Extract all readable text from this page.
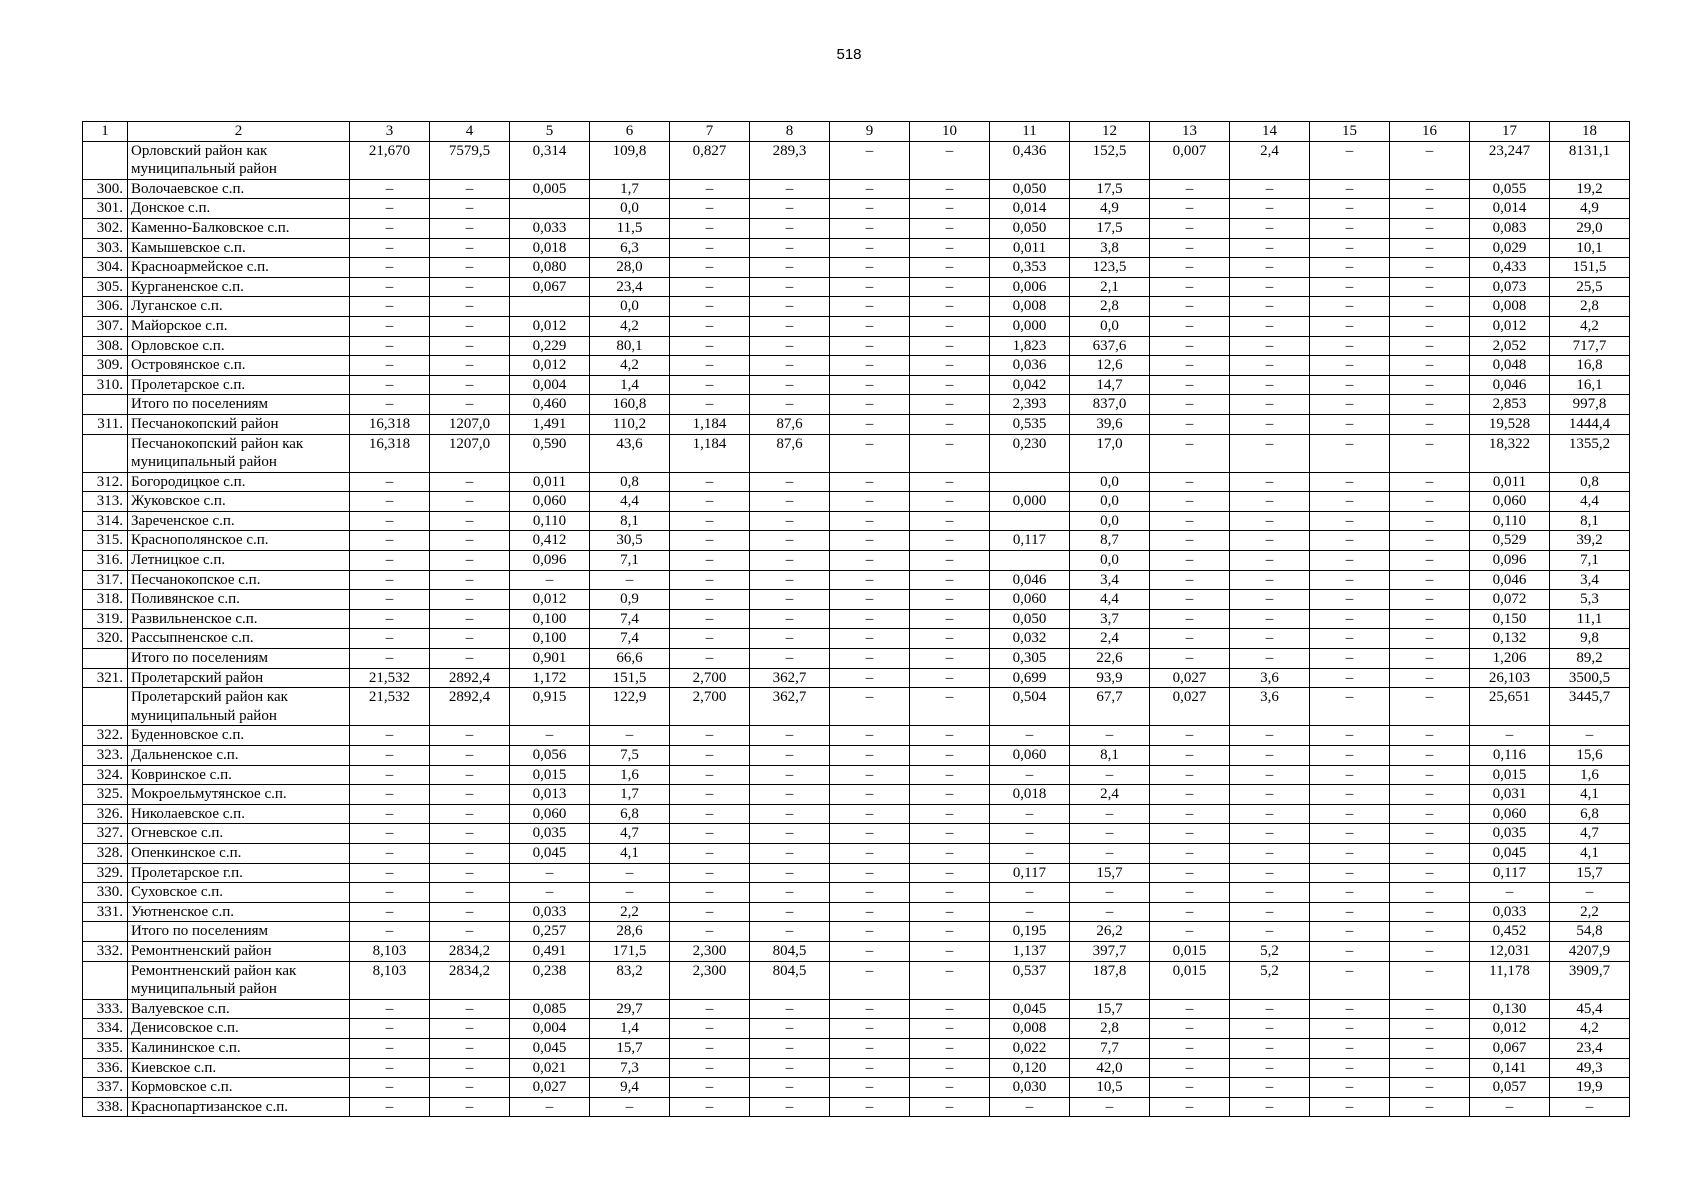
518
1	2	3	4	5	6	7	8	9	10	11	12	13	14	15	16	17	18
	Орловский район как муниципальный район	21,670	7579,5	0,314	109,8	0,827	289,3	–	–	0,436	152,5	0,007	2,4	–	–	23,247	8131,1
300.	Волочаевское с.п.	–	–	0,005	1,7	–	–	–	–	0,050	17,5	–	–	–	–	0,055	19,2
301.	Донское с.п.	–	–		0,0	–	–	–	–	0,014	4,9	–	–	–	–	0,014	4,9
302.	Каменно-Балковское с.п.	–	–	0,033	11,5	–	–	–	–	0,050	17,5	–	–	–	–	0,083	29,0
303.	Камышевское с.п.	–	–	0,018	6,3	–	–	–	–	0,011	3,8	–	–	–	–	0,029	10,1
304.	Красноармейское с.п.	–	–	0,080	28,0	–	–	–	–	0,353	123,5	–	–	–	–	0,433	151,5
305.	Курганенское с.п.	–	–	0,067	23,4	–	–	–	–	0,006	2,1	–	–	–	–	0,073	25,5
306.	Луганское с.п.	–	–		0,0	–	–	–	–	0,008	2,8	–	–	–	–	0,008	2,8
307.	Майорское с.п.	–	–	0,012	4,2	–	–	–	–	0,000	0,0	–	–	–	–	0,012	4,2
308.	Орловское с.п.	–	–	0,229	80,1	–	–	–	–	1,823	637,6	–	–	–	–	2,052	717,7
309.	Островянское с.п.	–	–	0,012	4,2	–	–	–	–	0,036	12,6	–	–	–	–	0,048	16,8
310.	Пролетарское с.п.	–	–	0,004	1,4	–	–	–	–	0,042	14,7	–	–	–	–	0,046	16,1
	Итого по поселениям	–	–	0,460	160,8	–	–	–	–	2,393	837,0	–	–	–	–	2,853	997,8
311.	Песчанокопский район	16,318	1207,0	1,491	110,2	1,184	87,6	–	–	0,535	39,6	–	–	–	–	19,528	1444,4
	Песчанокопский район как муниципальный район	16,318	1207,0	0,590	43,6	1,184	87,6	–	–	0,230	17,0	–	–	–	–	18,322	1355,2
312.	Богородицкое с.п.	–	–	0,011	0,8	–	–	–	–		0,0	–	–	–	–	0,011	0,8
313.	Жуковское с.п.	–	–	0,060	4,4	–	–	–	–	0,000	0,0	–	–	–	–	0,060	4,4
314.	Зареченское с.п.	–	–	0,110	8,1	–	–	–	–		0,0	–	–	–	–	0,110	8,1
315.	Краснополянское с.п.	–	–	0,412	30,5	–	–	–	–	0,117	8,7	–	–	–	–	0,529	39,2
316.	Летницкое с.п.	–	–	0,096	7,1	–	–	–	–		0,0	–	–	–	–	0,096	7,1
317.	Песчанокопское с.п.	–	–	–	–	–	–	–	–	0,046	3,4	–	–	–	–	0,046	3,4
318.	Поливянское с.п.	–	–	0,012	0,9	–	–	–	–	0,060	4,4	–	–	–	–	0,072	5,3
319.	Развильненское с.п.	–	–	0,100	7,4	–	–	–	–	0,050	3,7	–	–	–	–	0,150	11,1
320.	Рассыпненское с.п.	–	–	0,100	7,4	–	–	–	–	0,032	2,4	–	–	–	–	0,132	9,8
	Итого по поселениям	–	–	0,901	66,6	–	–	–	–	0,305	22,6	–	–	–	–	1,206	89,2
321.	Пролетарский район	21,532	2892,4	1,172	151,5	2,700	362,7	–	–	0,699	93,9	0,027	3,6	–	–	26,103	3500,5
	Пролетарский район как муниципальный район	21,532	2892,4	0,915	122,9	2,700	362,7	–	–	0,504	67,7	0,027	3,6	–	–	25,651	3445,7
322.	Буденновское с.п.	–	–	–	–	–	–	–	–	–	–	–	–	–	–	–	–
323.	Дальненское с.п.	–	–	0,056	7,5	–	–	–	–	0,060	8,1	–	–	–	–	0,116	15,6
324.	Ковринское с.п.	–	–	0,015	1,6	–	–	–	–	–	–	–	–	–	–	0,015	1,6
325.	Мокроельмутянское с.п.	–	–	0,013	1,7	–	–	–	–	0,018	2,4	–	–	–	–	0,031	4,1
326.	Николаевское с.п.	–	–	0,060	6,8	–	–	–	–	–	–	–	–	–	–	0,060	6,8
327.	Огневское с.п.	–	–	0,035	4,7	–	–	–	–	–	–	–	–	–	–	0,035	4,7
328.	Опенкинское с.п.	–	–	0,045	4,1	–	–	–	–	–	–	–	–	–	–	0,045	4,1
329.	Пролетарское г.п.	–	–	–	–	–	–	–	–	0,117	15,7	–	–	–	–	0,117	15,7
330.	Суховское с.п.	–	–	–	–	–	–	–	–	–	–	–	–	–	–	–	–
331.	Уютненское с.п.	–	–	0,033	2,2	–	–	–	–	–	–	–	–	–	–	0,033	2,2
	Итого по поселениям	–	–	0,257	28,6	–	–	–	–	0,195	26,2	–	–	–	–	0,452	54,8
332.	Ремонтненский район	8,103	2834,2	0,491	171,5	2,300	804,5	–	–	1,137	397,7	0,015	5,2	–	–	12,031	4207,9
	Ремонтненский район как муниципальный район	8,103	2834,2	0,238	83,2	2,300	804,5	–	–	0,537	187,8	0,015	5,2	–	–	11,178	3909,7
333.	Валуевское с.п.	–	–	0,085	29,7	–	–	–	–	0,045	15,7	–	–	–	–	0,130	45,4
334.	Денисовское с.п.	–	–	0,004	1,4	–	–	–	–	0,008	2,8	–	–	–	–	0,012	4,2
335.	Калининское с.п.	–	–	0,045	15,7	–	–	–	–	0,022	7,7	–	–	–	–	0,067	23,4
336.	Киевское с.п.	–	–	0,021	7,3	–	–	–	–	0,120	42,0	–	–	–	–	0,141	49,3
337.	Кормовское с.п.	–	–	0,027	9,4	–	–	–	–	0,030	10,5	–	–	–	–	0,057	19,9
338.	Краснопартизанское с.п.	–	–	–	–	–	–	–	–	–	–	–	–	–	–	–	–
